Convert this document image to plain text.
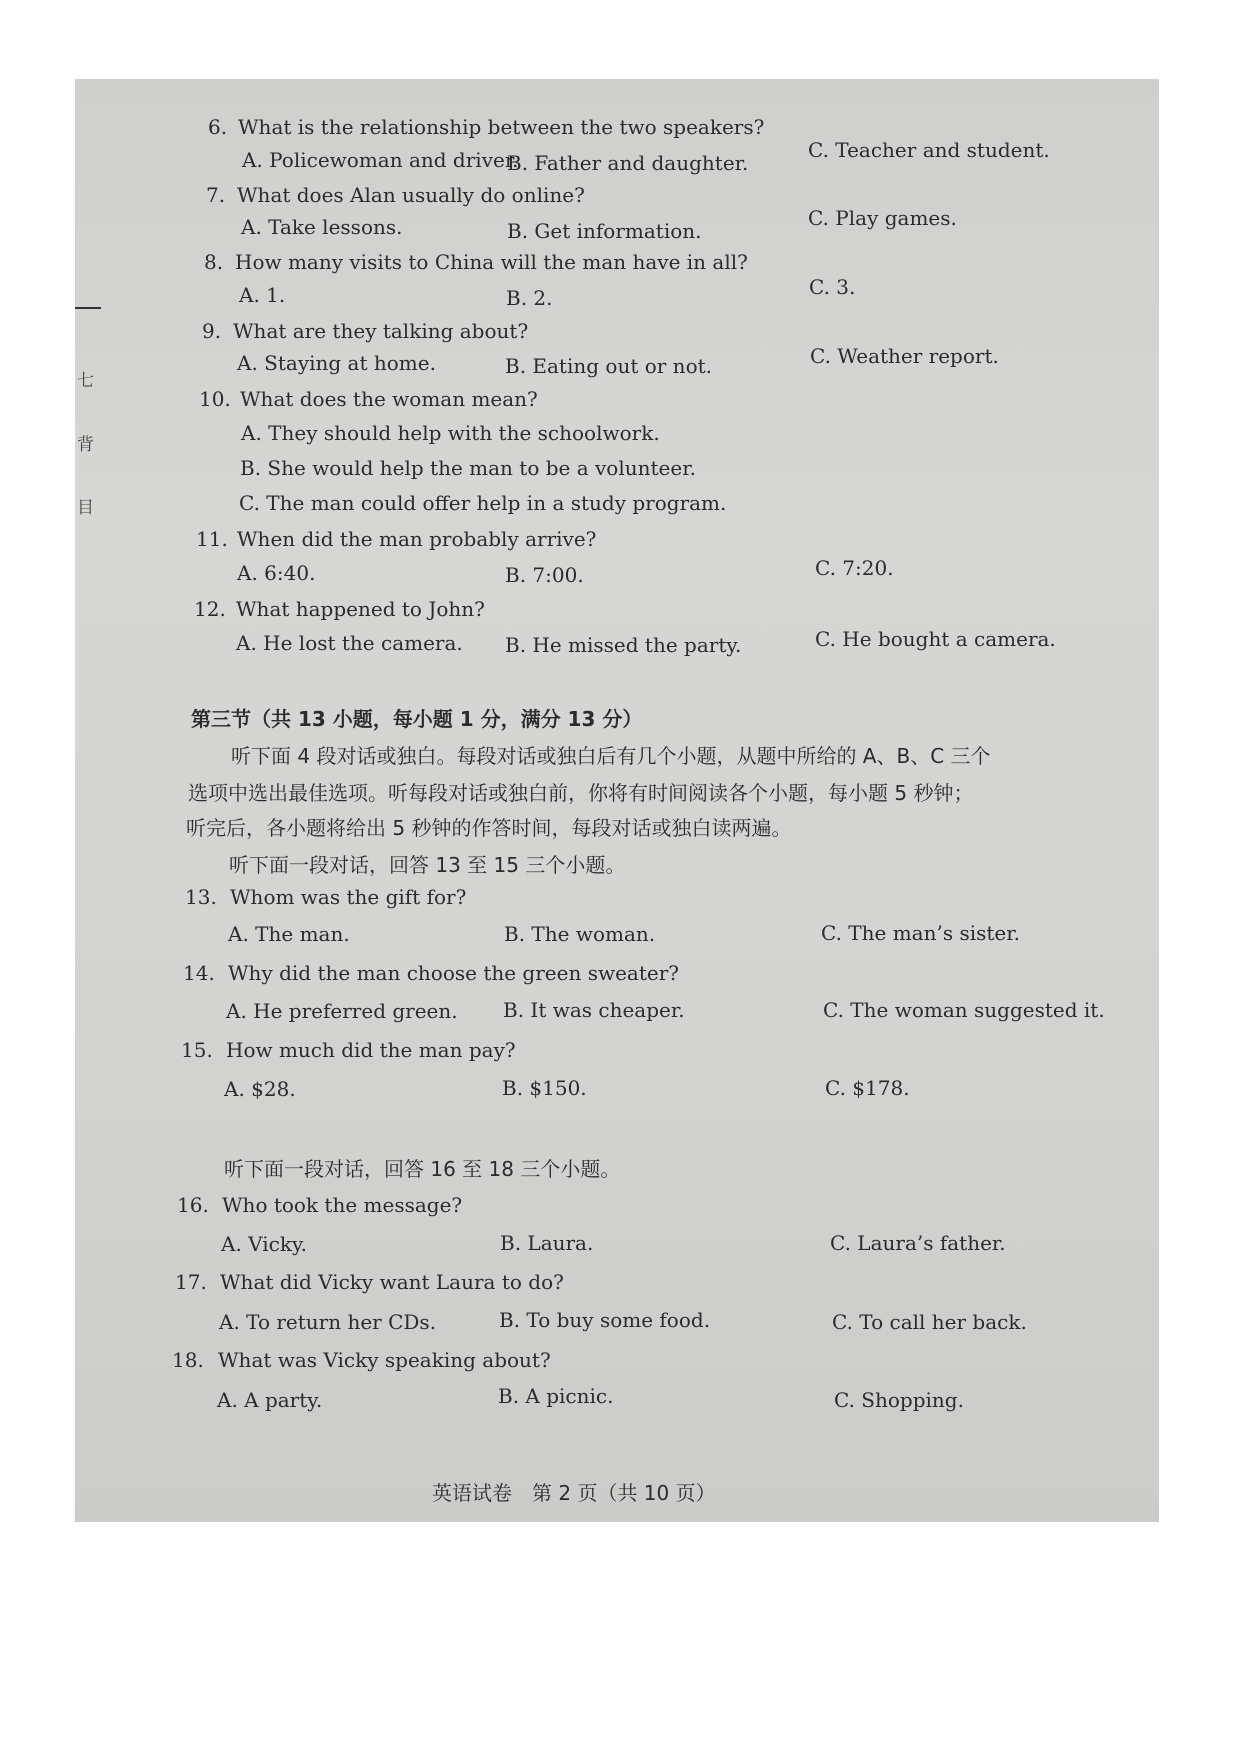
七
背
目
6. What is the relationship between the two speakers?
A. Policewoman and driver.
B. Father and daughter.
C. Teacher and student.
7. What does Alan usually do online?
A. Take lessons.	B. Get information.
C. Play games.
8. How many visits to China will the man have in all?
A. 1.	B. 2.	C. 3.
9. What are they talking about?
A. Staying at home.	B. Eating out or not.	C. Weather report.
10. What does the woman mean?
A. They should help with the schoolwork.
B. She would help the man to be a volunteer.
C. The man could offer help in a study program.
11. When did the man probably arrive?
A. 6:40.	B. 7:00.	C. 7:20.
12. What happened to John?
A. He lost the camera. B. He missed the party.	C. He bought a camera.
第三节（共 13 小题，每小题 1 分，满分 13 分）
听下面 4 段对话或独白。每段对话或独白后有几个小题，从题中所给的 A、B、C 三个
选项中选出最佳选项。听每段对话或独白前，你将有时间阅读各个小题，每小题 5 秒钟；
听完后，各小题将给出 5 秒钟的作答时间，每段对话或独白读两遍。
听下面一段对话，回答 13 至 15 三个小题。
13. Whom was the gift for?
A. The man.	B. The woman.	C. The man’s sister.
14. Why did the man choose the green sweater?
A. He preferred green. B. It was cheaper.	C. The woman suggested it.
15. How much did the man pay?
A. $28.	B. $150.	C. $178.
听下面一段对话，回答 16 至 18 三个小题。
16. Who took the message?
A. Vicky.	B. Laura.	C. Laura’s father.
17. What did Vicky want Laura to do?
A. To return her CDs.	B. To buy some food.	C. To call her back.
18. What was Vicky speaking about?
A. A party.	B. A picnic.	C. Shopping.
英语试卷　第 2 页（共 10 页）
